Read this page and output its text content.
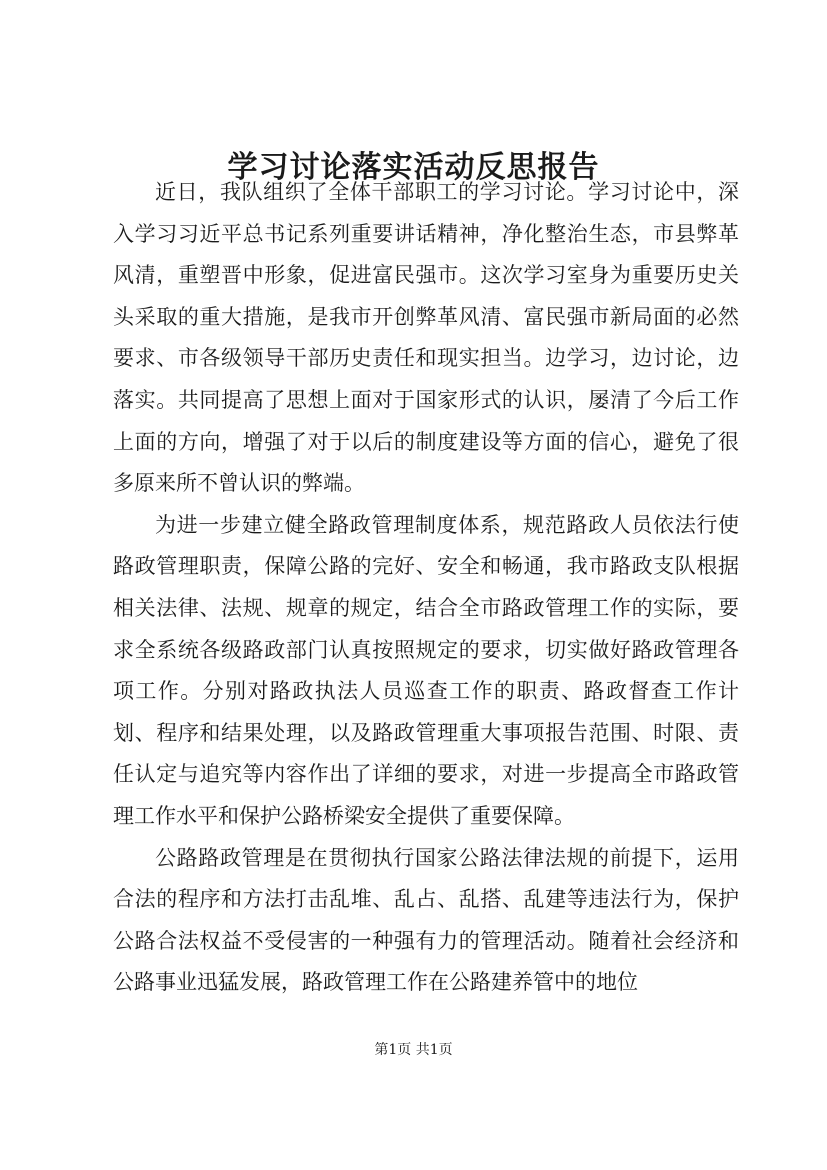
学习讨论落实活动反思报告

近日，我队组织了全体干部职工的学习讨论。学习讨论中，深入学习习近平总书记系列重要讲话精神，净化整治生态，市县弊革风清，重塑晋中形象，促进富民强市。这次学习室身为重要历史关头采取的重大措施，是我市开创弊革风清、富民强市新局面的必然要求、市各级领导干部历史责任和现实担当。边学习，边讨论，边落实。共同提高了思想上面对于国家形式的认识，屡清了今后工作上面的方向，增强了对于以后的制度建设等方面的信心，避免了很多原来所不曾认识的弊端。

为进一步建立健全路政管理制度体系，规范路政人员依法行使路政管理职责，保障公路的完好、安全和畅通，我市路政支队根据相关法律、法规、规章的规定，结合全市路政管理工作的实际，要求全系统各级路政部门认真按照规定的要求，切实做好路政管理各项工作。分别对路政执法人员巡查工作的职责、路政督查工作计划、程序和结果处理，以及路政管理重大事项报告范围、时限、责任认定与追究等内容作出了详细的要求，对进一步提高全市路政管理工作水平和保护公路桥梁安全提供了重要保障。

公路路政管理是在贯彻执行国家公路法律法规的前提下，运用合法的程序和方法打击乱堆、乱占、乱搭、乱建等违法行为，保护公路合法权益不受侵害的一种强有力的管理活动。随着社会经济和公路事业迅猛发展，路政管理工作在公路建养管中的地位

第1页 共1页
